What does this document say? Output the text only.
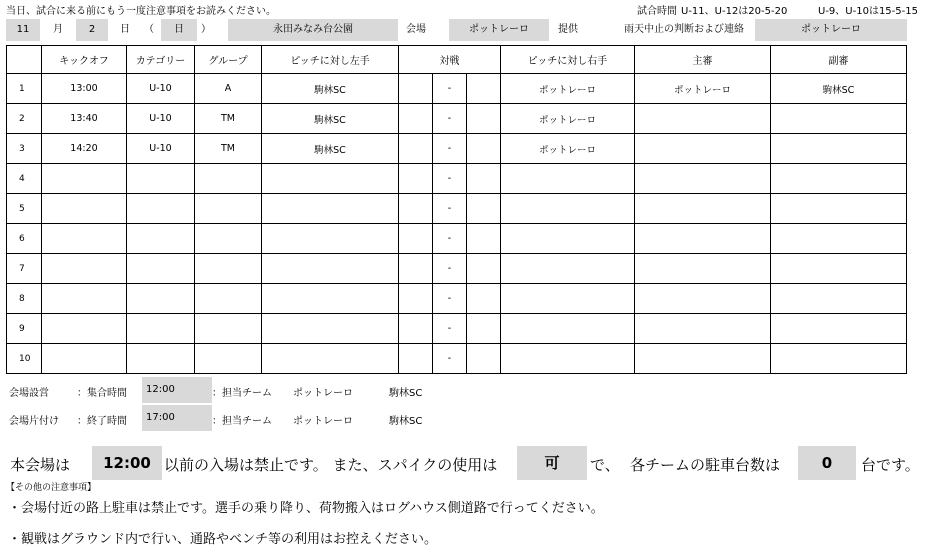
当日、試合に来る前にもう一度注意事項をお読みください。	試合時間 U-11、U-12は20-5-20	U-9、U-10は15-5-15
11	月	2	日	（	日	）	永田みなみ台公園	会場	ポットレーロ	提供	雨天中止の判断および連絡	ポットレーロ
	キックオフ	カテゴリー	グループ	ピッチに対し左手	対戦			ピッチに対し右手	主審	副審
1	13:00	U-10	A	駒林SC		-		ポットレーロ	ポットレーロ	駒林SC
2	13:40	U-10	TM	駒林SC		-		ポットレーロ		
3	14:20	U-10	TM	駒林SC		-		ポットレーロ		
4						-				
5						-				
6						-				
7						-				
8						-				
9						-				
10						-				
会場設営	：集合時間	12:00	：担当チーム ポットレーロ	駒林SC
会場片付け ：終了時間	17:00	：担当チーム ポットレーロ	駒林SC
本会場は	12:00 以前の入場は禁止です。 また、スパイクの使用は	可	で、 各チームの駐車台数は	0	台です。
【その他の注意事項】
・会場付近の路上駐車は禁止です。選手の乗り降り、荷物搬入はログハウス側道路で行ってください。
・観戦はグラウンド内で行い、通路やベンチ等の利用はお控えください。
